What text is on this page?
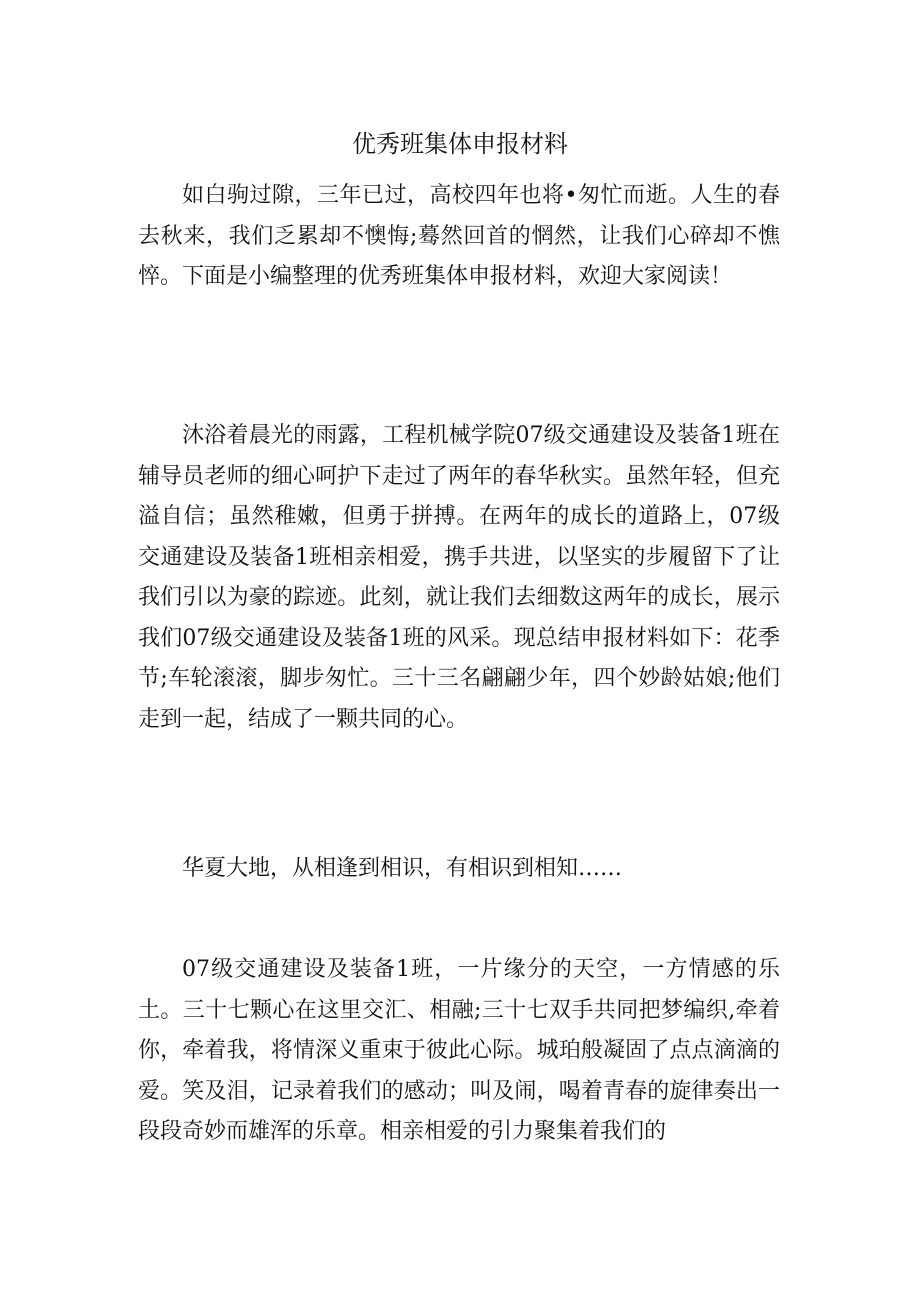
优秀班集体申报材料

如白驹过隙，三年已过，高校四年也将•匆忙而逝。人生的春去秋来，我们乏累却不懊悔;蓦然回首的惘然，让我们心碎却不憔悴。下面是小编整理的优秀班集体申报材料，欢迎大家阅读！

沐浴着晨光的雨露，工程机械学院07级交通建设及装备1班在辅导员老师的细心呵护下走过了两年的春华秋实。虽然年轻，但充溢自信；虽然稚嫩，但勇于拼搏。在两年的成长的道路上，07级交通建设及装备1班相亲相爱，携手共进，以坚实的步履留下了让我们引以为豪的踪迹。此刻，就让我们去细数这两年的成长，展示我们07级交通建设及装备1班的风采。现总结申报材料如下：花季节;车轮滚滚，脚步匆忙。三十三名翩翩少年，四个妙龄姑娘;他们走到一起，结成了一颗共同的心。

华夏大地，从相逢到相识，有相识到相知……

07级交通建设及装备1班，一片缘分的天空，一方情感的乐土。三十七颗心在这里交汇、相融;三十七双手共同把梦编织,牵着你，牵着我，将情深义重束于彼此心际。城珀般凝固了点点滴滴的爱。笑及泪，记录着我们的感动；叫及闹，喝着青春的旋律奏出一段段奇妙而雄浑的乐章。相亲相爱的引力聚集着我们的
